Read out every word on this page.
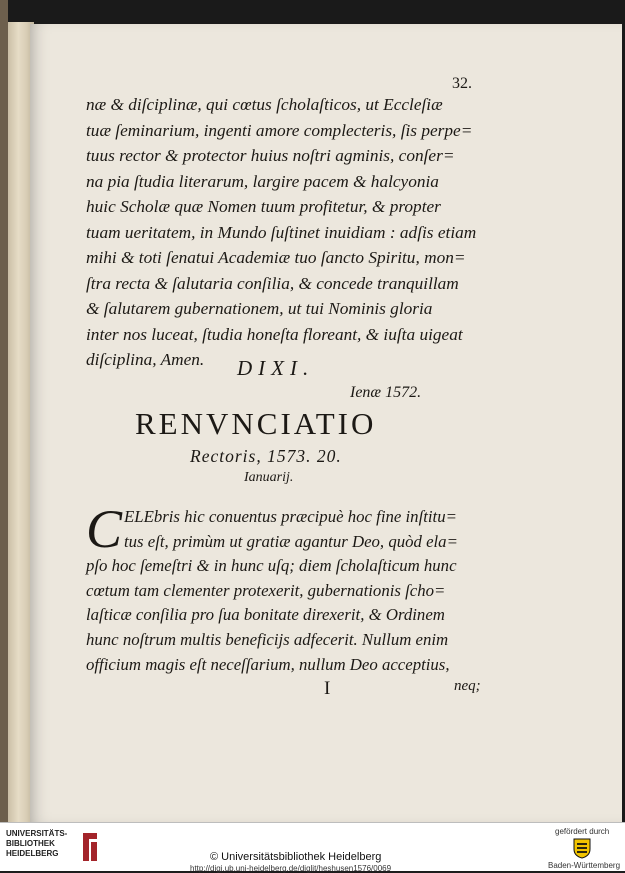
32.
næ & diſciplinæ, qui cœtus ſcholaſticos, ut Eccleſiæ
tuæ ſeminarium, ingenti amore complecteris, ſis perpe=
tuus rector & protector huius noſtri agminis, conſer=
na pia ſtudia literarum, largire pacem & halcyonia
huic Scholæ quæ Nomen tuum profitetur, & propter
tuam ueritatem, in Mundo ſuſtinet inuidiam : adſis etiam
mihi & toti ſenatui Academiæ tuo ſancto Spiritu, mon=
ſtra recta & ſalutaria conſilia, & concede tranquillam
& ſalutarem gubernationem, ut tui Nominis gloria
inter nos luceat, ſtudia honeſta floreant, & iuſta uigeat
diſciplina, Amen.	DIXI.
Ienæ 1572.
RENVNCIATIO
Rectoris, 1573. 20.
Ianuarij.
C ELEbris hic conuentus præcipuè hoc fine inſtitu=
tus eſt, primùm ut gratiæ agantur Deo, quòd ela=
pſo hoc ſemeſtri & in hunc uſq; diem ſcholaſticum hunc
cœtum tam clementer protexerit, gubernationis ſcho=
laſticæ conſilia pro ſua bonitate direxerit, & Ordinem
hunc noſtrum multis beneficijs adfecerit. Nullum enim
officium magis eſt neceſſarium, nullum Deo acceptius,
I	neq;
UNIVERSITÄTS-
BIBLIOTHEK
HEIDELBERG	© Universitätsbibliothek Heidelberg
http://digi.ub.uni-heidelberg.de/diglit/heshusen1576/0069
gefördert durch
Baden-Württemberg
